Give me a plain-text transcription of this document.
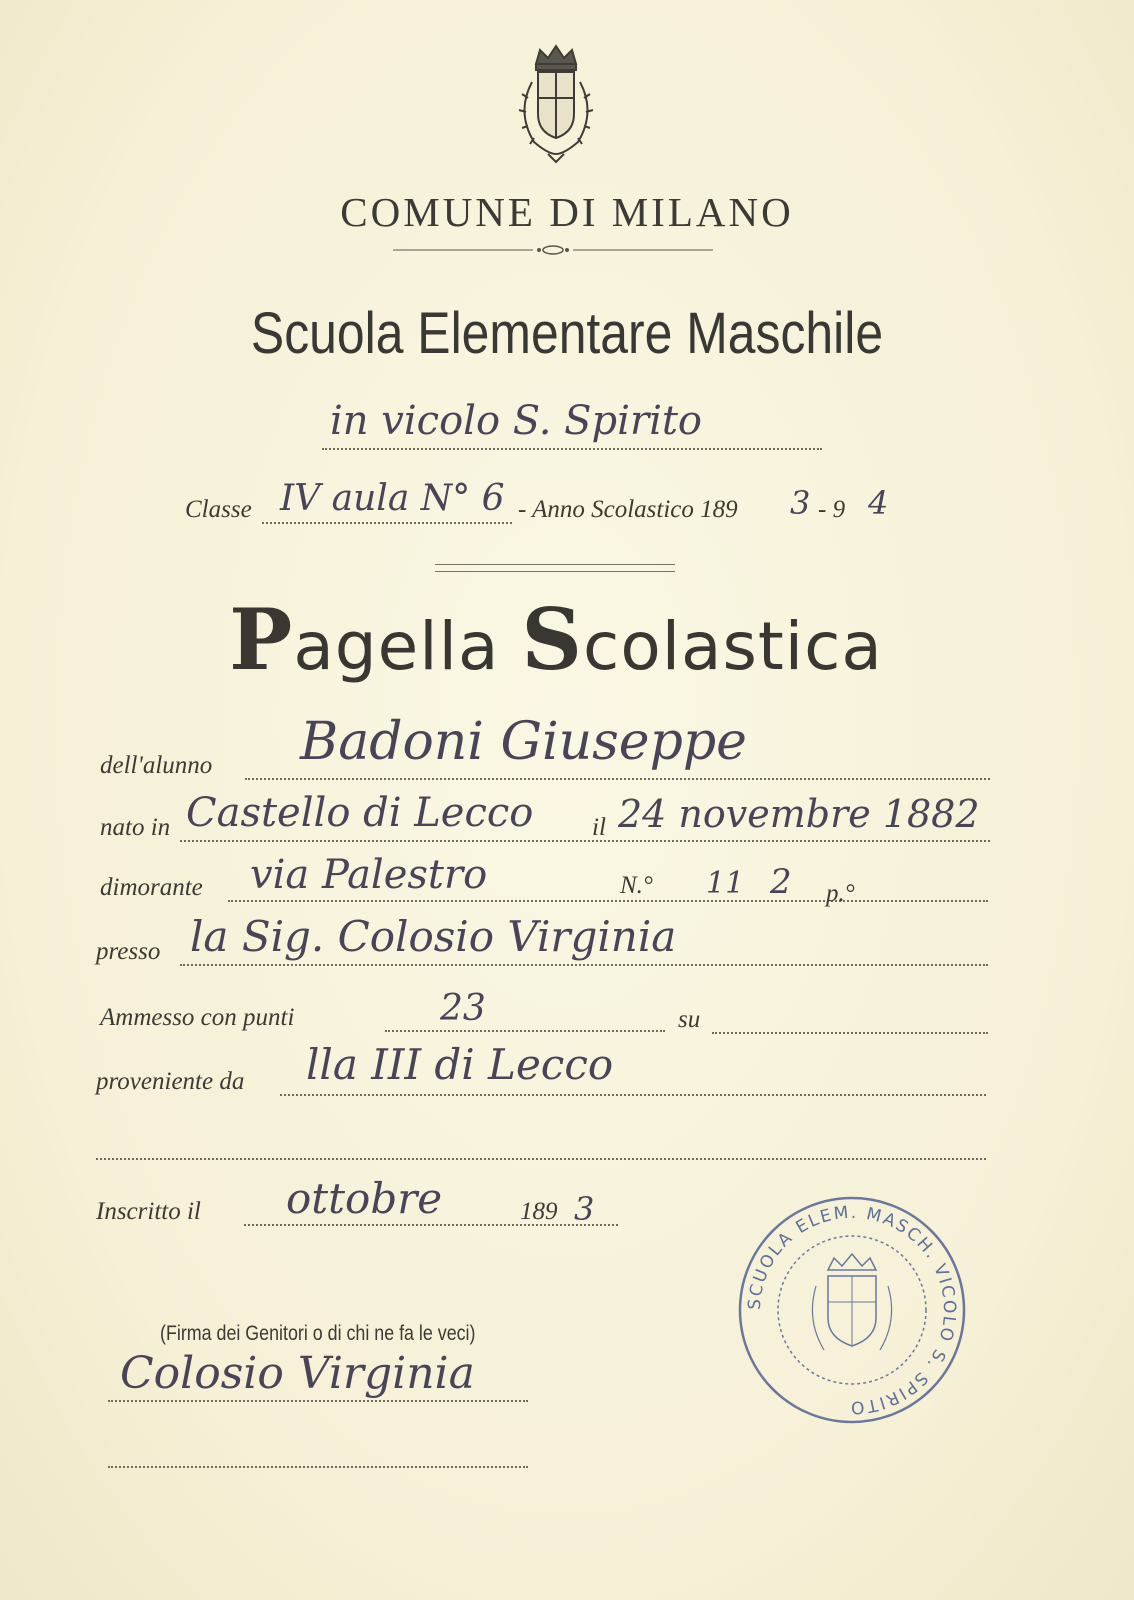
COMUNE DI MILANO
Scuola Elementare Maschile
in vicolo S. Spirito
Classe IV aula N° 6 - Anno Scolastico 189 3 - 9 4
Pagella Scolastica
dell'alunno Badoni Giuseppe
nato in Castello di Lecco il 24 novembre 1882
dimorante via Palestro	N.° 11 2 p.°
presso la Sig. Colosio Virginia
Ammesso con punti	23	su
proveniente da lla III di Lecco
Inscritto il ottobre	189 3
(Firma dei Genitori o di chi ne fa le veci)
Colosio Virginia
SCUOLA ELEM. MASCH. VICOLO S. SPIRITO
